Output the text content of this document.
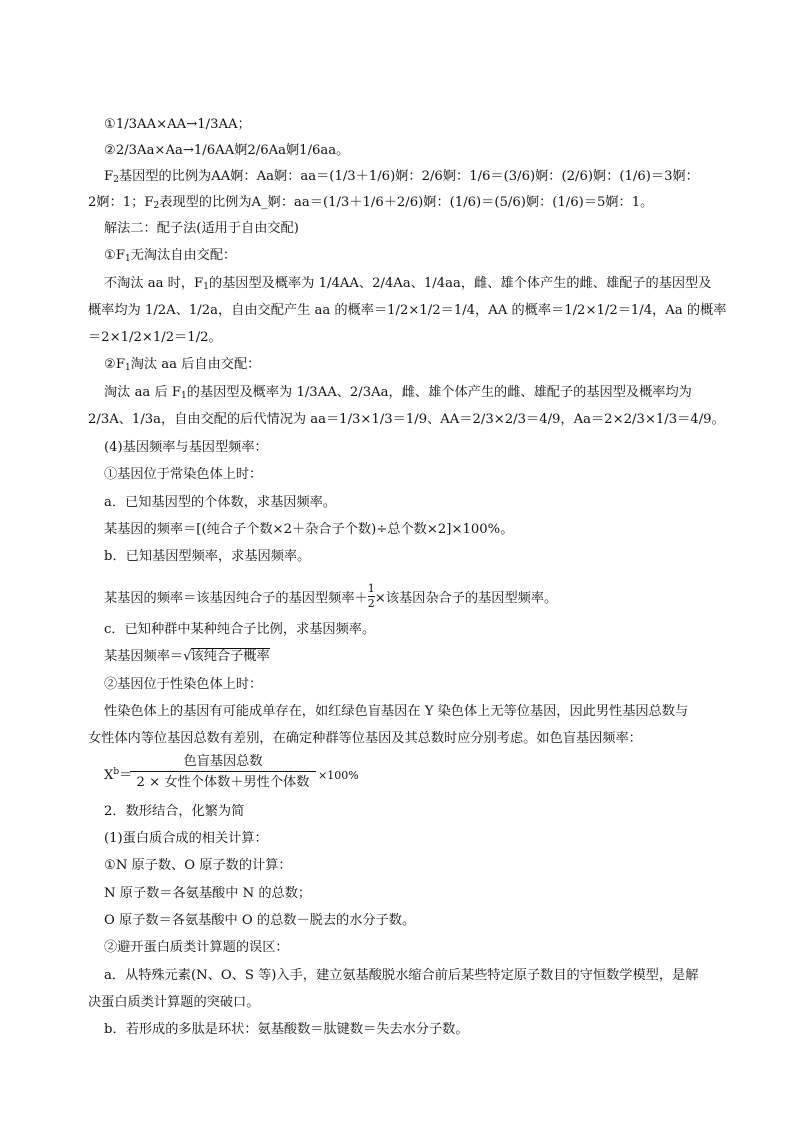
①1/3AA×AA→1/3AA；
②2/3Aa×Aa→1/6AA婀2/6Aa婀1/6aa。
$F_2$基因型的比例为AA婀：Aa婀：aa＝(1/3＋1/6)婀：2/6婀：1/6＝(3/6)婀：(2/6)婀：(1/6)＝3婀：
2婀：1；$F_2$表现型的比例为A_婀：aa＝(1/3＋1/6＋2/6)婀：(1/6)＝(5/6)婀：(1/6)＝5婀：1。
解法二：配子法(适用于自由交配)
$①F_1$无淘汰自由交配：
不淘汰 aa 时，$F_1$的基因型及概率为 1/4AA、2/4Aa、1/4aa，雌、雄个体产生的雌、雄配子的基因型及
概率均为 1/2A、1/2a，自由交配产生 aa 的概率＝1/2×1/2＝1/4，AA 的概率＝1/2×1/2＝1/4，Aa 的概率
＝2×1/2×1/2＝1/2。
$②F_1$淘汰 aa 后自由交配：
淘汰 aa 后 $F_1$的基因型及概率为 1/3AA、2/3Aa，雌、雄个体产生的雌、雄配子的基因型及概率均为
2/3A、1/3a，自由交配的后代情况为 aa＝1/3×1/3＝1/9、AA＝2/3×2/3＝4/9，Aa＝2×2/3×1/3＝4/9。
(4)基因频率与基因型频率：
①基因位于常染色体上时：
a．已知基因型的个体数，求基因频率。
某基因的频率＝[(纯合子个数×2＋杂合子个数)÷总个数×2]×100%。
b．已知基因型频率，求基因频率。
某基因的频率＝该基因纯合子的基因型频率＋ $\frac{1}{2}$ ×该基因杂合子的基因型频率。
c．已知种群中某种纯合子比例，求基因频率。
某基因频率＝√该纯合子概率
②基因位于性染色体上时：
性染色体上的基因有可能成单存在，如红绿色盲基因在 Y 染色体上无等位基因，因此男性基因总数与
女性体内等位基因总数有差别，在确定种群等位基因及其总数时应分别考虑。如色盲基因频率：
$X^b=$
色盲基因总数
2 × 女性个体数＋男性个体数 ×100%
2．数形结合，化繁为简
(1)蛋白质合成的相关计算：
①N 原子数、O 原子数的计算：
N 原子数＝各氨基酸中 N 的总数；
O 原子数＝各氨基酸中 O 的总数－脱去的水分子数。
②避开蛋白质类计算题的误区：
a．从特殊元素(N、O、S 等)入手，建立氨基酸脱水缩合前后某些特定原子数目的守恒数学模型，是解
决蛋白质类计算题的突破口。
b．若形成的多肽是环状：氨基酸数＝肽键数＝失去水分子数。
